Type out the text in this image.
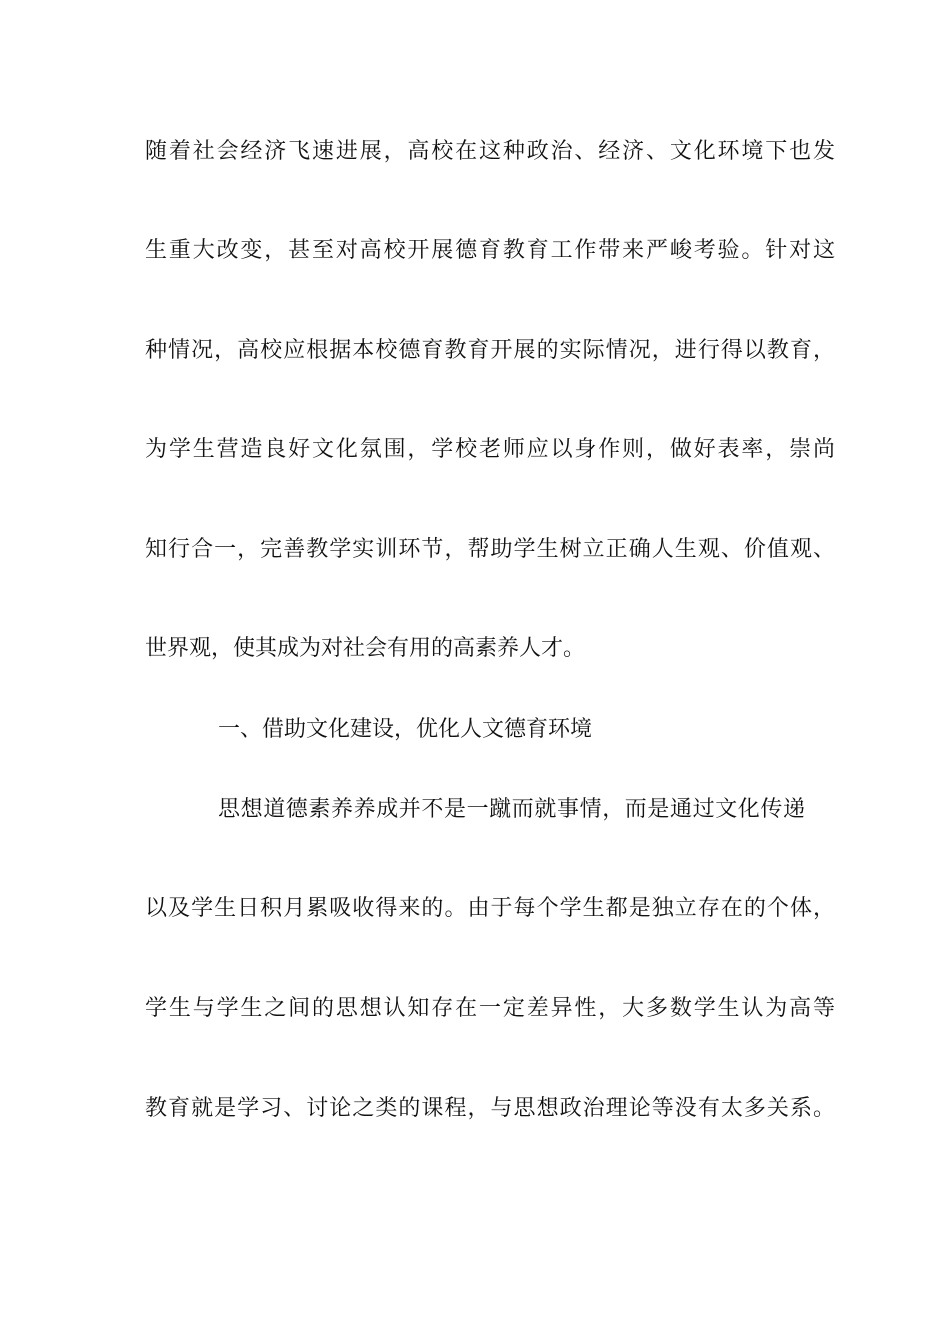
随着社会经济飞速进展，高校在这种政治、经济、文化环境下也发
生重大改变，甚至对高校开展德育教育工作带来严峻考验。针对这
种情况，高校应根据本校德育教育开展的实际情况，进行得以教育，
为学生营造良好文化氛围，学校老师应以身作则，做好表率，崇尚
知行合一，完善教学实训环节，帮助学生树立正确人生观、价值观、
世界观，使其成为对社会有用的高素养人才。
一、借助文化建设，优化人文德育环境
思想道德素养养成并不是一蹴而就事情，而是通过文化传递
以及学生日积月累吸收得来的。由于每个学生都是独立存在的个体，
学生与学生之间的思想认知存在一定差异性，大多数学生认为高等
教育就是学习、讨论之类的课程，与思想政治理论等没有太多关系。
